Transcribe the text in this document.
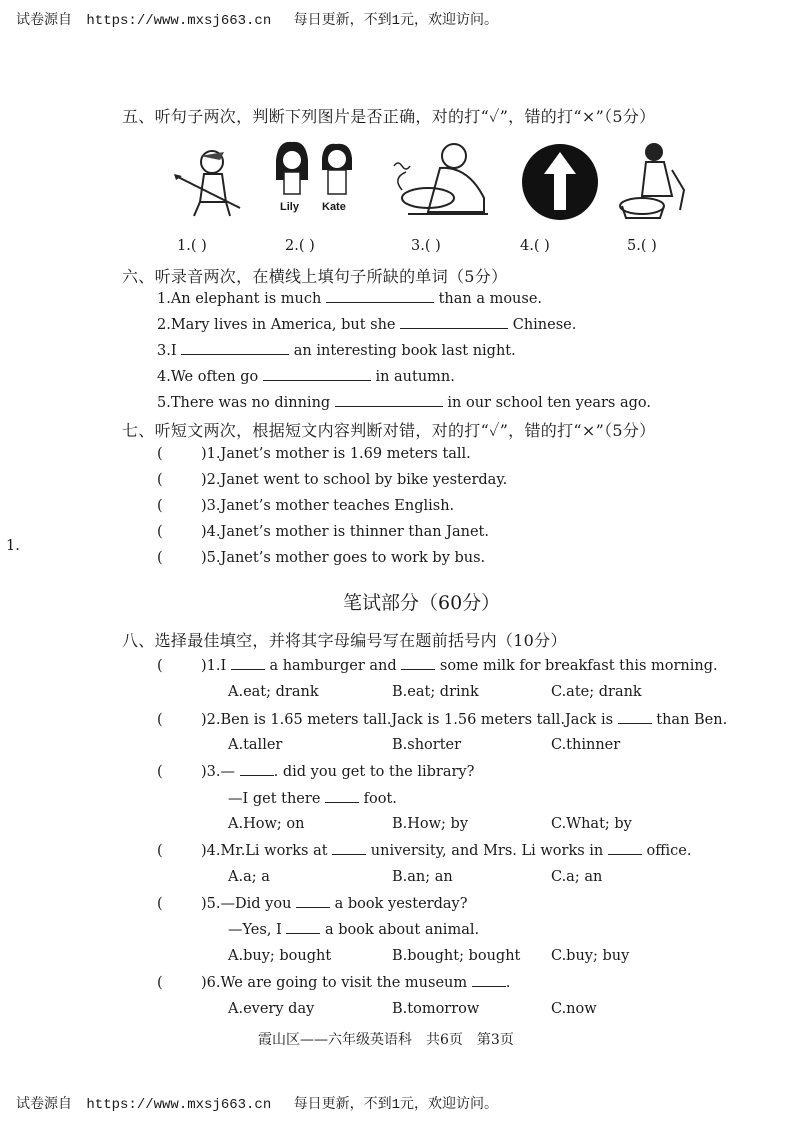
试卷源自 https://www.mxsj663.cn 每日更新，不到1元，欢迎访问。
五、听句子两次，判断下列图片是否正确，对的打“✓”，错的打“×”（5分）
Lily Kate
1.( )	2.( )	3.( )	4.( )	5.( )
六、听录音两次，在横线上填句子所缺的单词（5分）
1.An elephant is much	than a mouse.
2.Mary lives in America, but she	Chinese.
3.I	an interesting book last night.
4.We often go	in autumn.
5.There was no dinning	in our school ten years ago.
七、听短文两次，根据短文内容判断对错，对的打“✓”，错的打“×”（5分）
(	)1.Janet’s mother is 1.69 meters tall.
(	)2.Janet went to school by bike yesterday.
(	)3.Janet’s mother teaches English.
(	)4.Janet’s mother is thinner than Janet.
(	)5.Janet’s mother goes to work by bus.
1.
笔试部分（60分）
八、选择最佳填空，并将其字母编号写在题前括号内（10分）
(	)1.I	a hamburger and	some milk for breakfast this morning.
A.eat; drank	B.eat; drink	C.ate; drank
(	)2.Ben is 1.65 meters tall.Jack is 1.56 meters tall.Jack is	than Ben.
A.taller	B.shorter	C.thinner
(	)3.—	. did you get to the library?
—I get there	foot.
A.How; on	B.How; by	C.What; by
(	)4.Mr.Li works at	university, and Mrs. Li works in	office.
A.a; a	B.an; an	C.a; an
(	)5.—Did you	a book yesterday?
—Yes, I	a book about animal.
A.buy; bought	B.bought; bought C.buy; buy
(	)6.We are going to visit the museum	.
A.every day	B.tomorrow	C.now
霞山区——六年级英语科　共6页　第3页
试卷源自 https://www.mxsj663.cn 每日更新，不到1元，欢迎访问。
